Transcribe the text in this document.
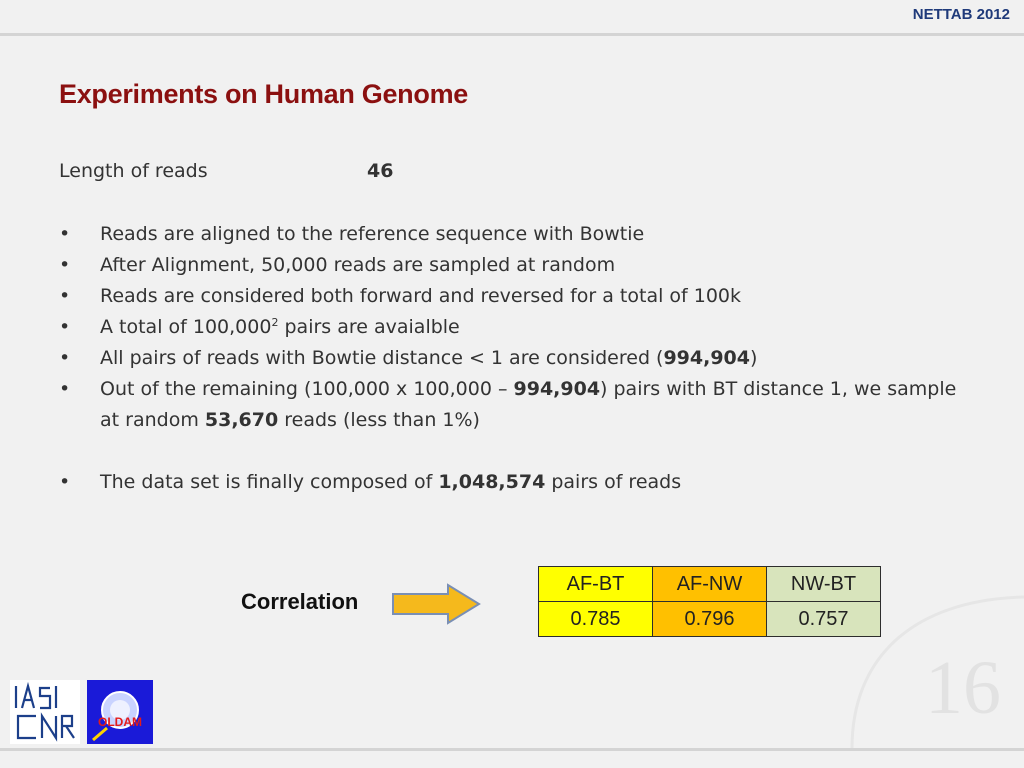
NETTAB 2012
16
Experiments on Human Genome
Length of reads	46
• Reads are aligned to the reference sequence with Bowtie
• After Alignment, 50,000 reads are sampled at random
• Reads are considered both forward and reversed for a total of 100k
• A total of 100,000$^2$ pairs are avaialble
• All pairs of reads with Bowtie distance < 1 are considered (994,904)
• Out of the remaining (100,000 x 100,000 – 994,904) pairs with BT distance 1, we sample at random 53,670 reads (less than 1%)
• The data set is finally composed of 1,048,574 pairs of reads
Correlation
AF-BT	AF-NW	NW-BT
0.785	0.796	0.757
OLDAM
